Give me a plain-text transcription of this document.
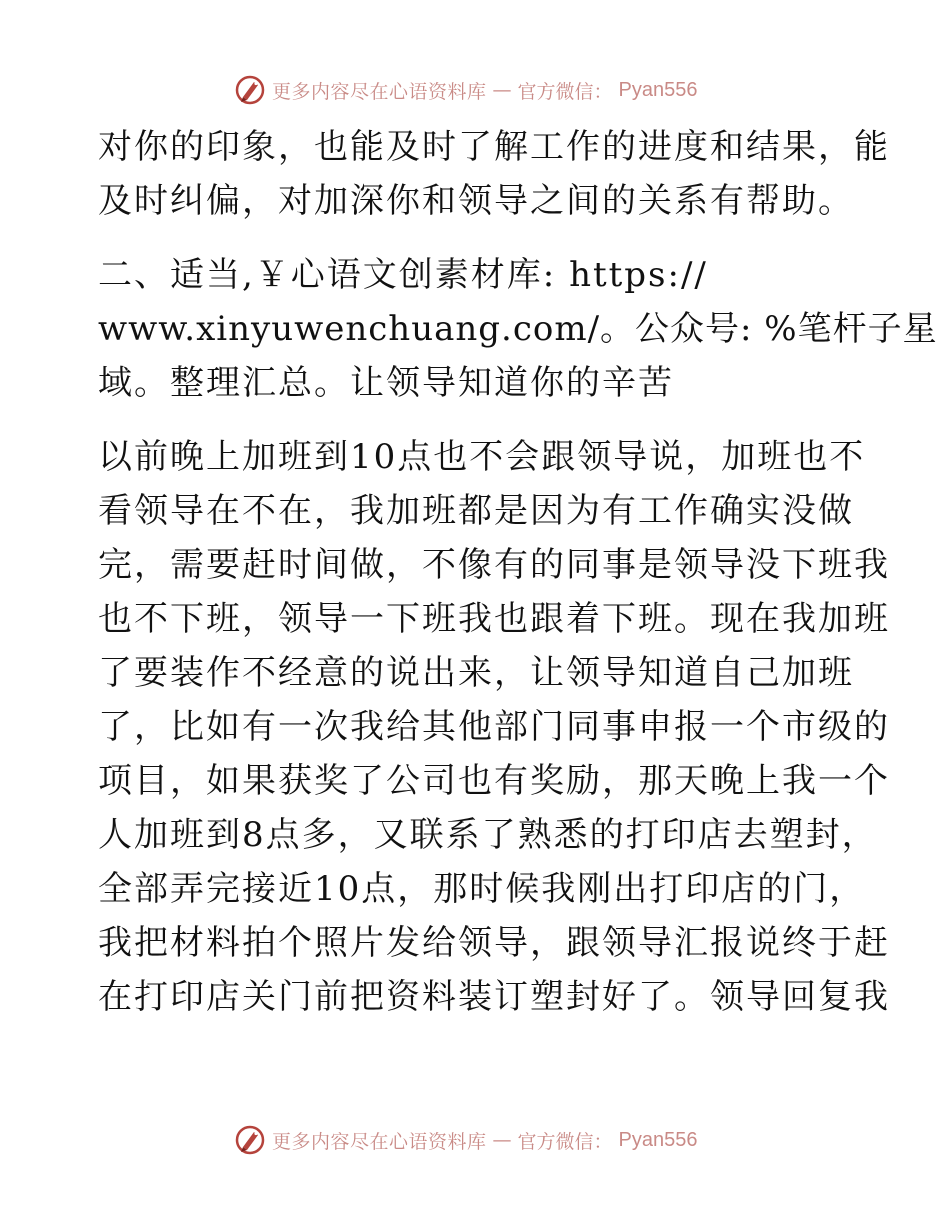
更多内容尽在心语资料库 — 官方微信： Pyan556
对你的印象，也能及时了解工作的进度和结果，能
及时纠偏，对加深你和领导之间的关系有帮助。
二、适当,￥心语文创素材库: https://
www.xinyuwenchuang.com/。公众号: %笔杆子星
域。整理汇总。让领导知道你的辛苦
以前晚上加班到10点也不会跟领导说，加班也不
看领导在不在，我加班都是因为有工作确实没做
完，需要赶时间做，不像有的同事是领导没下班我
也不下班，领导一下班我也跟着下班。现在我加班
了要装作不经意的说出来，让领导知道自己加班
了，比如有一次我给其他部门同事申报一个市级的
项目，如果获奖了公司也有奖励，那天晚上我一个
人加班到8点多，又联系了熟悉的打印店去塑封，
全部弄完接近10点，那时候我刚出打印店的门，
我把材料拍个照片发给领导，跟领导汇报说终于赶
在打印店关门前把资料装订塑封好了。领导回复我
更多内容尽在心语资料库 — 官方微信： Pyan556
